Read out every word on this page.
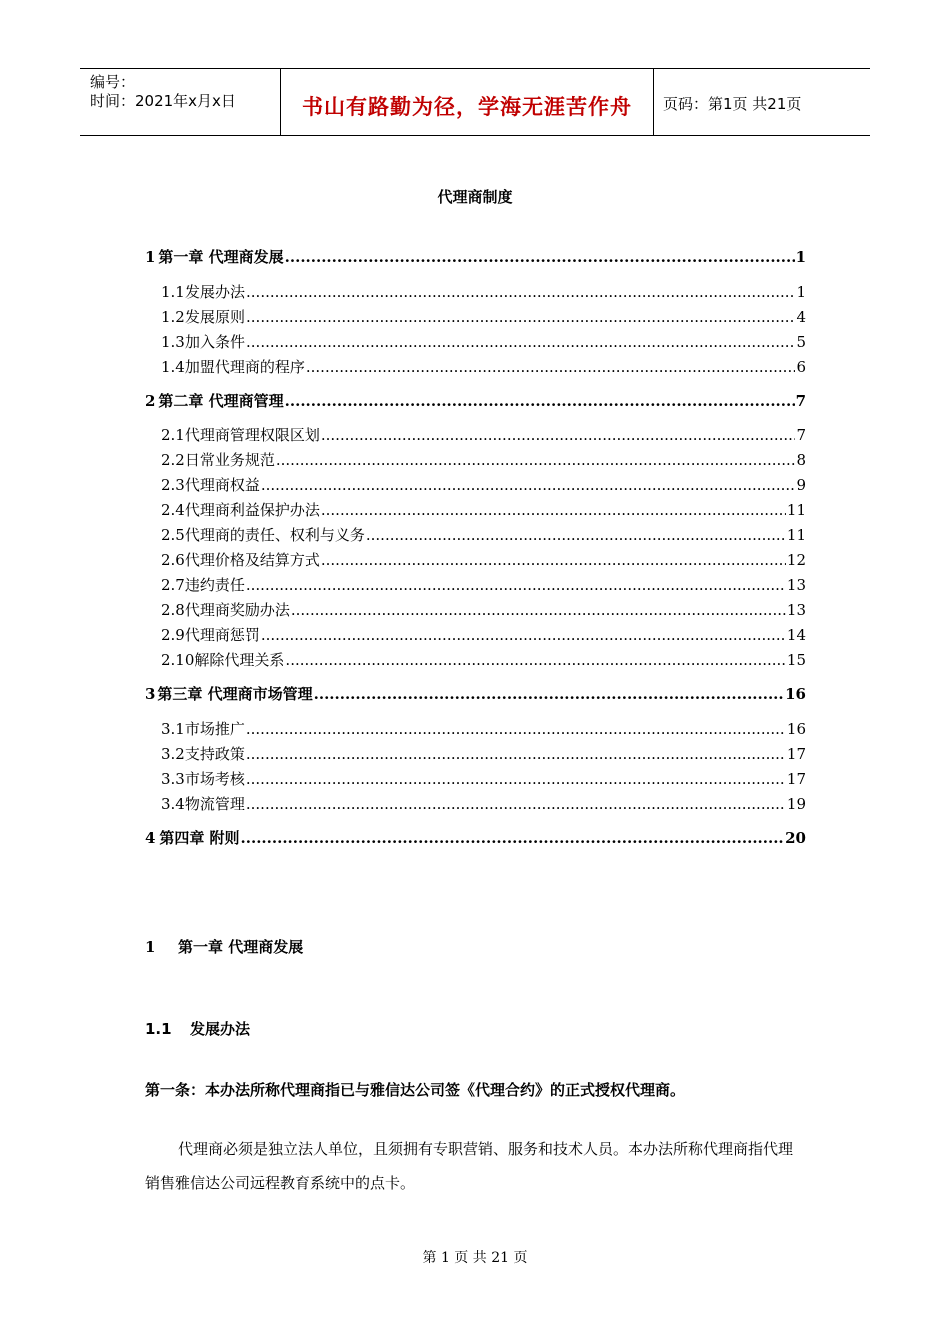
编号：
时间：2021年x月x日	书山有路勤为径，学海无涯苦作舟	页码：第1页 共21页
代理商制度
1 第一章 代理商发展 .....	1
1.1 发展办法 .....	1
1.2 发展原则 .....	4
1.3 加入条件 .....	5
1.4 加盟代理商的程序 .....	6
2 第二章 代理商管理 .....	7
2.1 代理商管理权限区划 .....	7
2.2 日常业务规范 .....	8
2.3 代理商权益 .....	9
2.4 代理商利益保护办法 .....	11
2.5 代理商的责任、权利与义务 .....	11
2.6 代理价格及结算方式 .....	12
2.7 违约责任 .....	13
2.8 代理商奖励办法 .....	13
2.9 代理商惩罚 .....	14
2.10 解除代理关系 .....	15
3 第三章 代理商市场管理 .....	16
3.1 市场推广 .....	16
3.2 支持政策 .....	17
3.3 市场考核 .....	17
3.4 物流管理 .....	19
4 第四章 附则 .....	20
1 第一章 代理商发展
1.1 发展办法
第一条：本办法所称代理商指已与雅信达公司签《代理合约》的正式授权代理商。
代理商必须是独立法人单位，且须拥有专职营销、服务和技术人员。本办法所称代理商指代理销售雅信达公司远程教育系统中的点卡。
第 1 页 共 21 页
